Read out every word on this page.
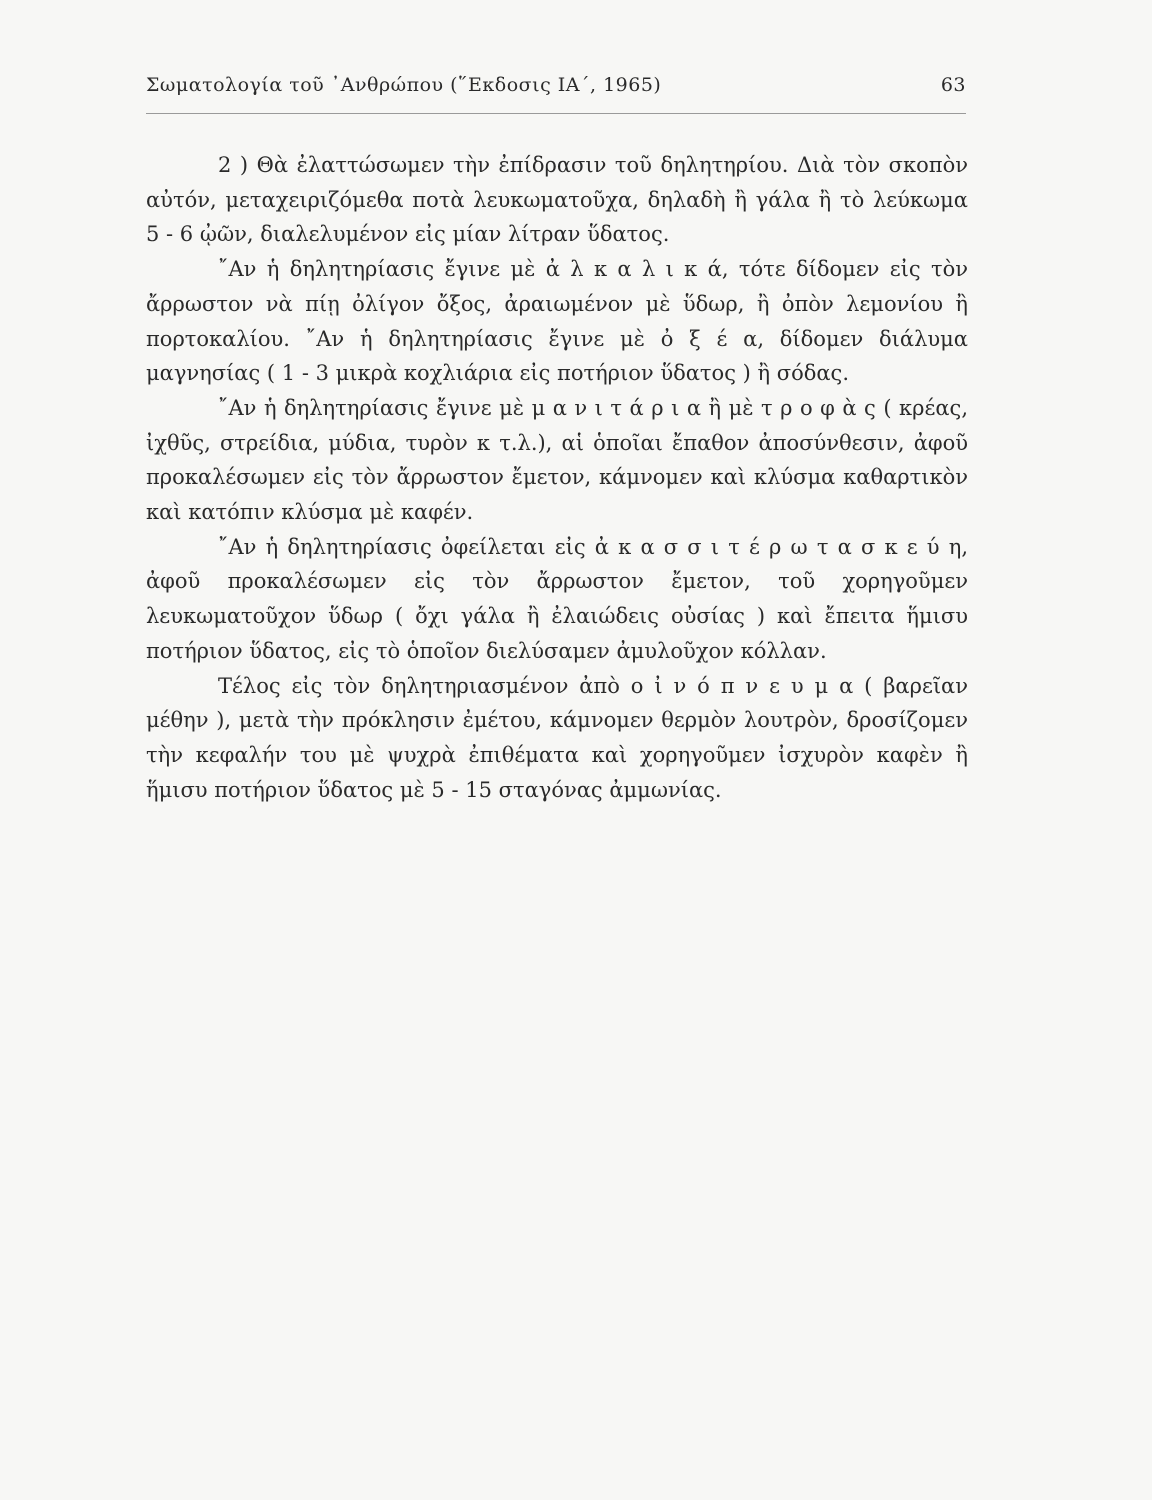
Σωματολογία τοῦ ᾿Ανθρώπου (῞Εκδοσις ΙΑ΄, 1965)	63

2 ) Θὰ ἐλαττώσωμεν τὴν ἐπίδρασιν τοῦ δηλητηρίου. Διὰ τὸν σκοπὸν αὐτόν, μεταχειριζόμεθα ποτὰ λευκωματοῦχα, δηλαδὴ ἢ γάλα ἢ τὸ λεύκωμα 5 - 6 ᾠῶν, διαλελυμένον εἰς μίαν λίτραν ὕδατος.

῎Αν ἡ δηλητηρίασις ἔγινε μὲ ἀ λ κ α λ ι κ ά, τότε δίδομεν εἰς τὸν ἄρρωστον νὰ πίῃ ὀλίγον ὄξος, ἀραιωμένον μὲ ὕδωρ, ἢ ὀπὸν λεμονίου ἢ πορτοκαλίου. ῎Αν ἡ δηλητηρίασις ἔγινε μὲ ὀ ξ έ α, δίδομεν διάλυμα μαγνησίας ( 1 - 3 μικρὰ κοχλιάρια εἰς ποτήριον ὕδατος ) ἢ σόδας.

῎Αν ἡ δηλητηρίασις ἔγινε μὲ μ α ν ι τ ά ρ ι α ἢ μὲ τ ρ ο φ ὰ ς ( κρέας, ἰχθῦς, στρείδια, μύδια, τυρὸν κ τ.λ.), αἱ ὁποῖαι ἔπαθον ἀποσύνθεσιν, ἀφοῦ προκαλέσωμεν εἰς τὸν ἄρρωστον ἔμετον, κάμνομεν καὶ κλύσμα καθαρτικὸν καὶ κατόπιν κλύσμα μὲ καφέν.

῎Αν ἡ δηλητηρίασις ὀφείλεται εἰς ἀ κ α σ σ ι τ έ ρ ω τ α σ κ ε ύ η, ἀφοῦ προκαλέσωμεν εἰς τὸν ἄρρωστον ἔμετον, τοῦ χορηγοῦμεν λευκωματοῦχον ὕδωρ ( ὄχι γάλα ἢ ἐλαιώδεις οὐσίας ) καὶ ἔπειτα ἥμισυ ποτήριον ὕδατος, εἰς τὸ ὁποῖον διελύσαμεν ἀμυλοῦχον κόλλαν.

Τέλος εἰς τὸν δηλητηριασμένον ἀπὸ ο ἰ ν ό π ν ε υ μ α ( βαρεῖαν μέθην ), μετὰ τὴν πρόκλησιν ἐμέτου, κάμνομεν θερμὸν λουτρὸν, δροσίζομεν τὴν κεφαλήν του μὲ ψυχρὰ ἐπιθέματα καὶ χορηγοῦμεν ἰσχυρὸν καφὲν ἢ ἥμισυ ποτήριον ὕδατος μὲ 5 - 15 σταγόνας ἀμμωνίας.
